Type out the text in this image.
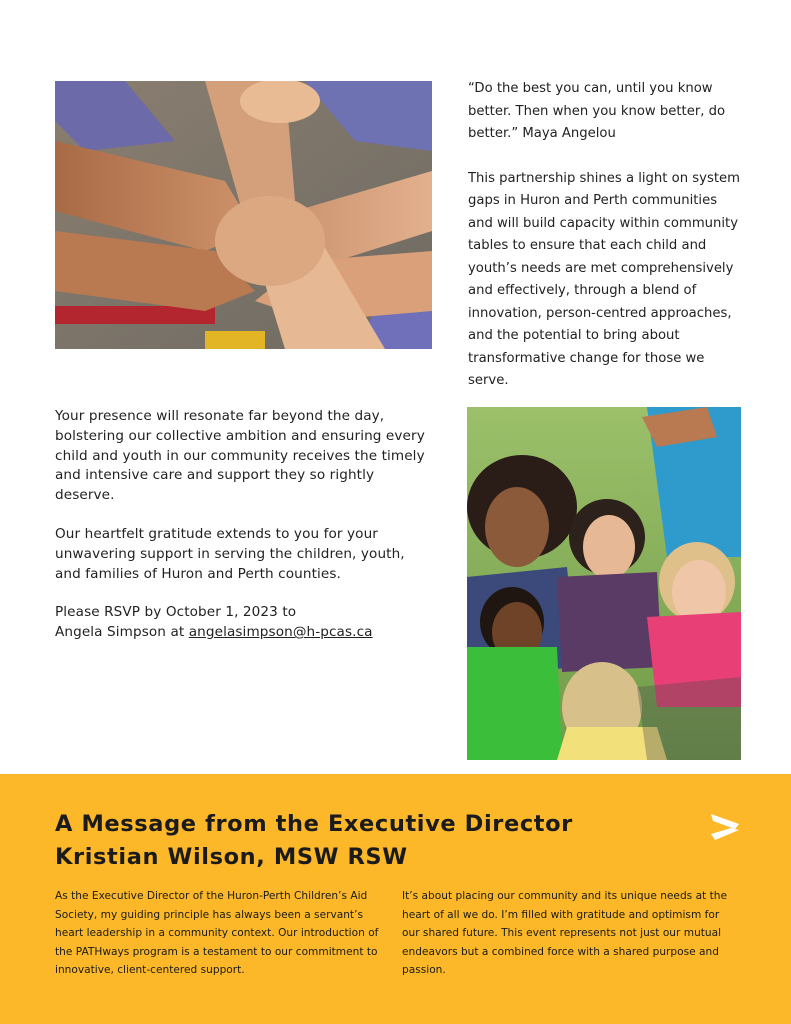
“Do the best you can, until you know better. Then when you know better, do better.” Maya Angelou

This partnership shines a light on system gaps in Huron and Perth communities and will build capacity within community tables to ensure that each child and youth’s needs are met comprehensively and effectively, through a blend of innovation, person-centred approaches, and the potential to bring about transformative change for those we serve.

Your presence will resonate far beyond the day, bolstering our collective ambition and ensuring every child and youth in our community receives the timely and intensive care and support they so rightly deserve.

Our heartfelt gratitude extends to you for your unwavering support in serving the children, youth, and families of Huron and Perth counties.

Please RSVP by October 1, 2023 to
Angela Simpson at angelasimpson@h-pcas.ca

A Message from the Executive Director
Kristian Wilson, MSW RSW
As the Executive Director of the Huron-Perth Children’s Aid Society, my guiding principle has always been a servant’s heart leadership in a community context. Our introduction of the PATHways program is a testament to our commitment to innovative, client-centered support.
It’s about placing our community and its unique needs at the heart of all we do. I’m filled with gratitude and optimism for our shared future. This event represents not just our mutual endeavors but a combined force with a shared purpose and passion.
